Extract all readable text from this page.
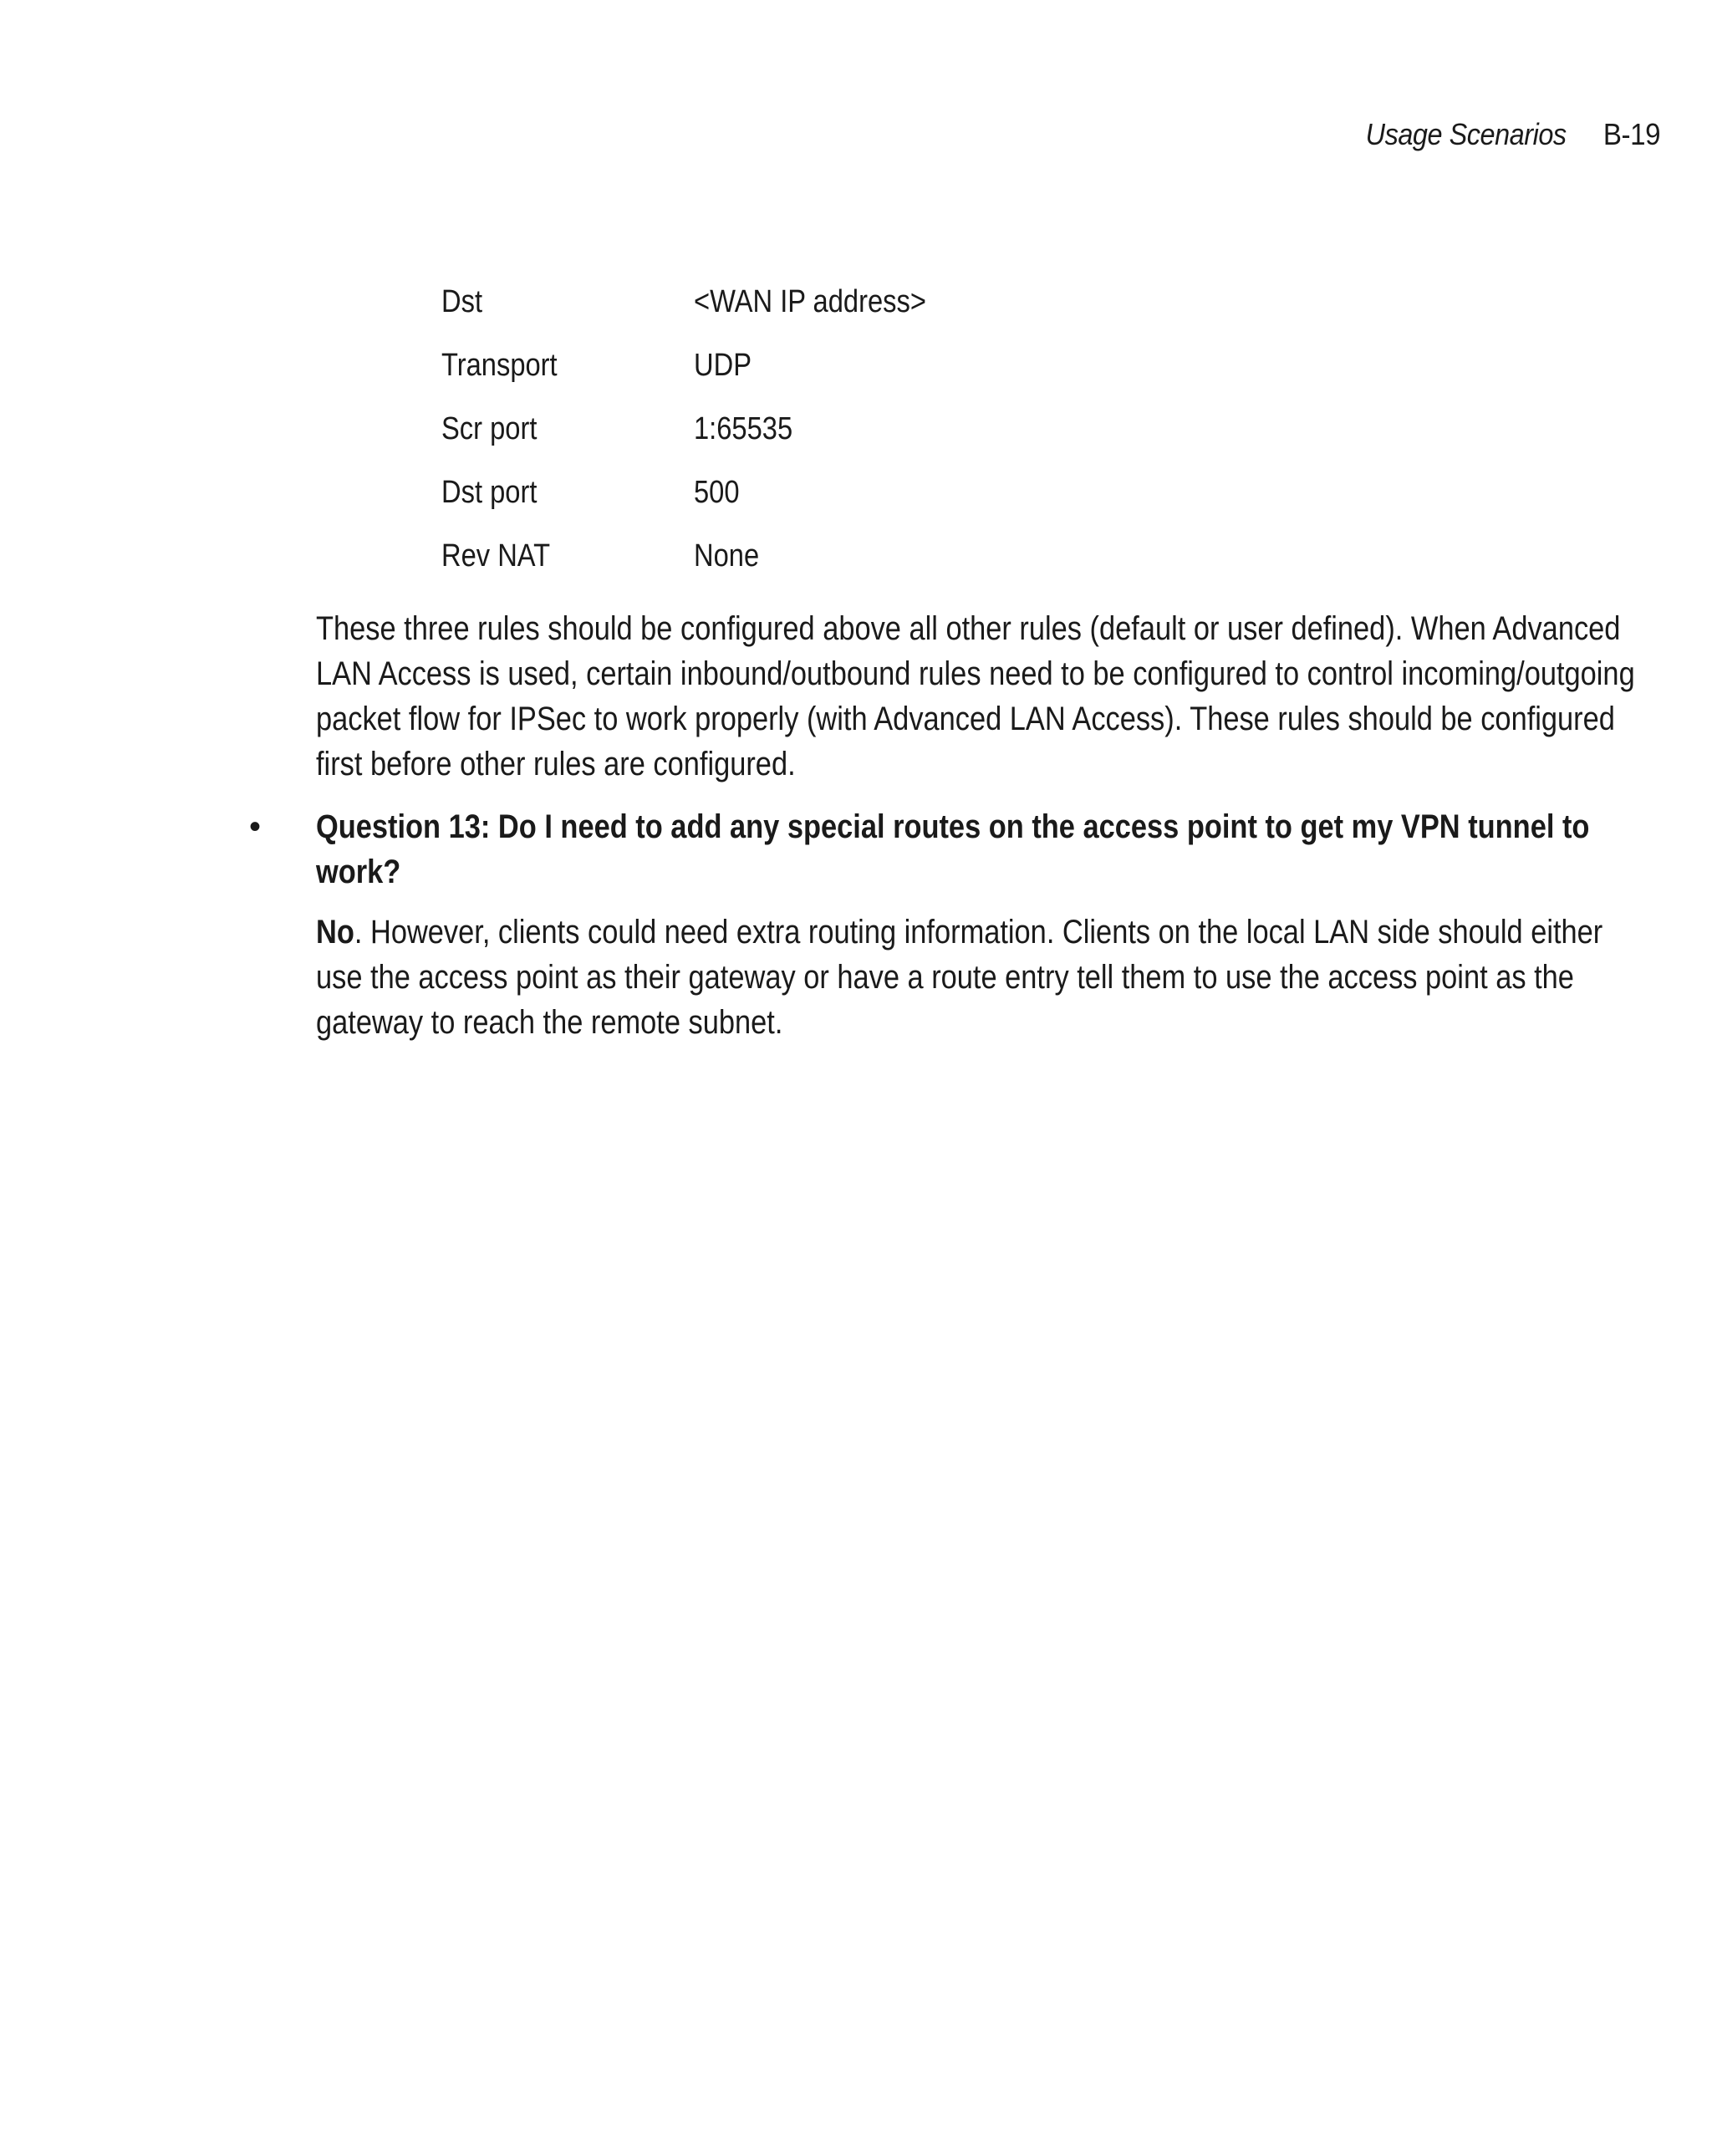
Usage Scenarios B-19
Dst	<WAN IP address>
Transport	UDP
Scr port	1:65535
Dst port	500
Rev NAT	None

These three rules should be configured above all other rules (default or user defined). When Advanced LAN Access is used, certain inbound/outbound rules need to be configured to control incoming/outgoing packet flow for IPSec to work properly (with Advanced LAN Access). These rules should be configured first before other rules are configured.

• Question 13: Do I need to add any special routes on the access point to get my VPN tunnel to work?

No. However, clients could need extra routing information. Clients on the local LAN side should either use the access point as their gateway or have a route entry tell them to use the access point as the gateway to reach the remote subnet.
